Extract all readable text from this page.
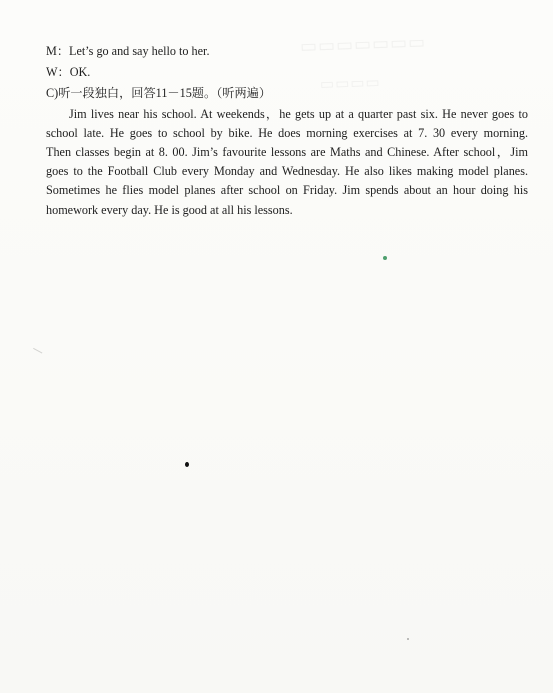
▭▭▭▭▭▭▭
▭▭▭▭
M：Let’s go and say hello to her.
W：OK.
C)听一段独白，回答11－15题。（听两遍）
Jim lives near his school. At weekends，he gets up at a quarter past six. He never goes to
school late. He goes to school by bike. He does morning exercises at 7. 30 every morning.
Then classes begin at 8. 00. Jim’s favourite lessons are Maths and Chinese. After school，Jim
goes to the Football Club every Monday and Wednesday. He also likes making model planes.
Sometimes he flies model planes after school on Friday. Jim spends about an hour doing his
homework every day. He is good at all his lessons.
